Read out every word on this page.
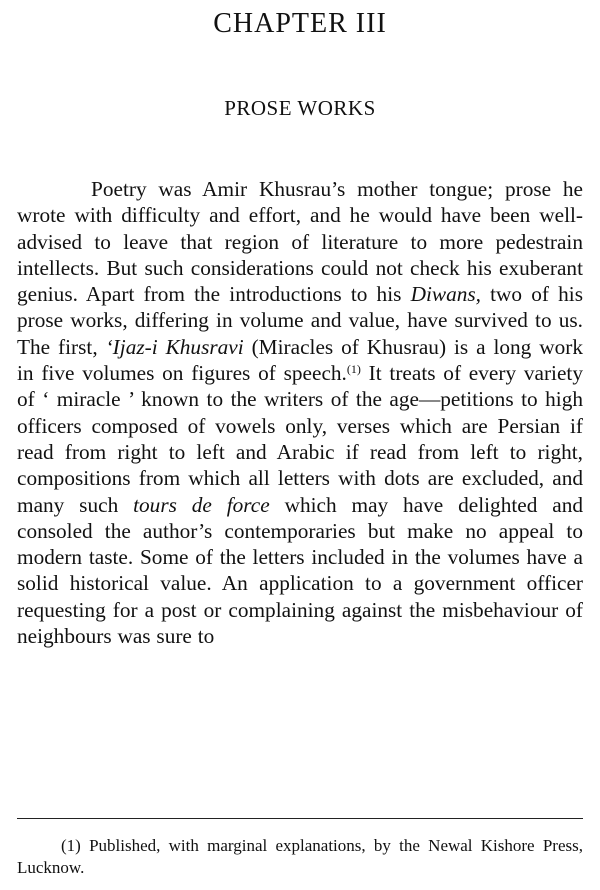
CHAPTER III
PROSE WORKS

Poetry was Amir Khusrau’s mother tongue; prose he wrote with difficulty and effort, and he would have been well-advised to leave that region of literature to more pedestrain intellects. But such considerations could not check his exuberant genius. Apart from the introductions to his Diwans, two of his prose works, differing in volume and value, have survived to us. The first, ‘Ijaz-i Khusravi (Miracles of Khusrau) is a long work in five volumes on figures of speech.$^{(1)}$ It treats of every variety of ‘ miracle ’ known to the writers of the age—petitions to high officers composed of vowels only, verses which are Persian if read from right to left and Arabic if read from left to right, compositions from which all letters with dots are excluded, and many such tours de force which may have delighted and consoled the author’s contemporaries but make no appeal to modern taste. Some of the letters included in the volumes have a solid historical value. An application to a government officer requesting for a post or complaining against the misbehaviour of neighbours was sure to

(1) Published, with marginal explanations, by the Newal Kishore Press, Lucknow.
